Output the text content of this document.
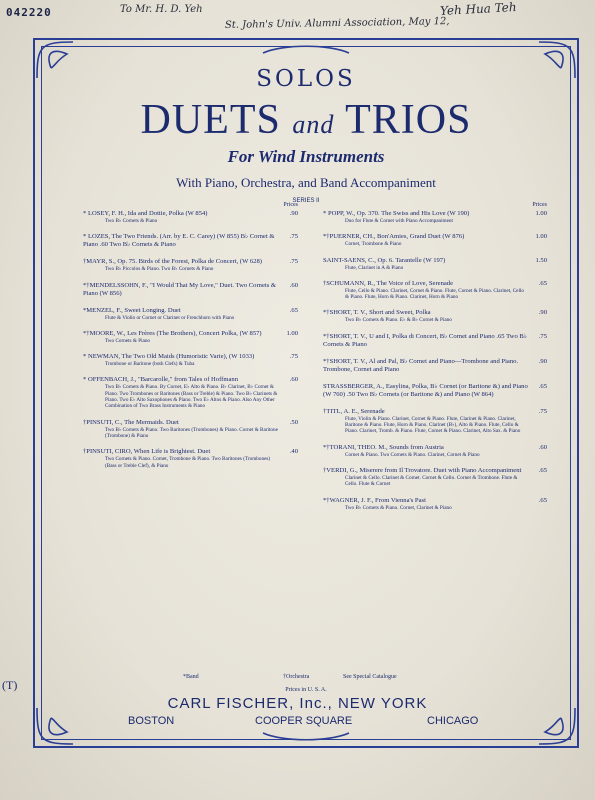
042220	To Mr. H. D. Yeh
St. John's Univ. Alumni Association, May 12,
Yeh Hua Teh
SOLOS
DUETS and TRIOS
For Wind Instruments
With Piano, Orchestra, and Band Accompaniment
SERIES II
Prices
* LOSEY, F. H., Ida and Dottie, Polka (W 854)
Two B♭ Cornets & Piano
.90
* LOZES, The Two Friends. (Arr. by E. C. Carey) (W 855) B♭ Cornet & Piano .60 Two B♭ Cornets & Piano
.75
†MAYR, S., Op. 75. Birds of the Forest, Polka de Concert, (W 628)
Two B♭ Piccolos & Piano. Two B♭ Cornets & Piano
.75
*†MENDELSSOHN, F., "I Would That My Love," Duet. Two Cornets & Piano (W 856)
.60
*MENZEL, F., Sweet Longing. Duet
Flute & Violin or Cornet or Clarinet or Frenchhorn with Piano
.65
*†MOORE, W., Les Frères (The Brothers), Concert Polka, (W 857)
Two Cornets & Piano
1.00
* NEWMAN, The Two Old Maids (Humoristic Varie), (W 1033)
Trombone or Baritone (both Clefs) & Tuba
.75
* OFFENBACH, J., "Barcarolle," from Tales of Hoffmann
Two B♭ Cornets & Piano. By Cornet, E♭ Alto & Piano. B♭ Clarinet, B♭ Cornet & Piano. Two Trombones or Baritones (Bass or Treble) & Piano. Two B♭ Clarinets & Piano. Two E♭ Alto Saxophones & Piano. Two E♭ Altos & Piano. Also Any Other Combination of Two Brass Instruments & Piano
.60
†PINSUTI, C., The Mermaids. Duet
Two B♭ Cornets & Piano. Two Baritones (Trombones) & Piano. Cornet & Baritone (Trombone) & Piano
.50
†PINSUTI, CIRO, When Life is Brightest. Duet
Two Cornets & Piano. Cornet, Trombone & Piano. Two Baritones (Trombones) (Bass or Treble Clef), & Piano
.40
Prices
* POPP, W., Op. 370. The Swiss and His Love (W 190)
Duo for Flute & Cornet with Piano Accompaniment
1.00
*†PUERNER, CH., Bon'Amies, Grand Duet (W 876)
Cornet, Trombone & Piano
1.00
SAINT-SAENS, C., Op. 6. Tarantelle (W 197)
Flute, Clarinet in A & Piano
1.50
†SCHUMANN, R., The Voice of Love, Serenade
Flute, Cello & Piano. Clarinet, Cornet & Piano. Flute, Cornet & Piano. Clarinet, Cello & Piano. Flute, Horn & Piano. Clarinet, Horn & Piano
.65
*†SHORT, T. V., Short and Sweet, Polka
Two B♭ Cornets & Piano. E♭ & B♭ Cornet & Piano
.90
*†SHORT, T. V., U and I, Polka di Concert, B♭ Cornet and Piano .65 Two B♭ Cornets & Piano
.75
*†SHORT, T. V., Al and Pal, B♭ Cornet and Piano—Trombone and Piano. Trombone, Cornet and Piano
.90
STRASSBERGER, A., Easylina, Polka, B♭ Cornet (or Baritone &) and Piano (W 760) .50 Two B♭ Cornets (or Baritone &) and Piano (W 864)
.65
†TITL, A. E., Serenade
Flute, Violin & Piano. Clarinet, Cornet & Piano. Flute, Clarinet & Piano. Clarinet, Baritone & Piano. Flute, Horn & Piano. Clarinet (B♭), Alto & Piano. Flute, Cello & Piano. Clarinet, Tromb. & Piano. Flute, Cornet & Piano. Clarinet, Alto Sax. & Piano
.75
*†TORANI, THEO. M., Sounds from Austria
Cornet & Piano. Two Cornets & Piano. Clarinet, Cornet & Piano
.60
†VERDI, G., Miserere from Il Trovatore. Duet with Piano Accompaniment
Clarinet & Cello. Clarinet & Cornet. Cornet & Cello. Cornet & Trombone. Flute & Cello. Flute & Cornet
.65
*†WAGNER, J. F., From Vienna's Past
Two B♭ Cornets & Piano. Cornet, Clarinet & Piano
.65
*Band	†Orchestra	See Special Catalogue
Prices in U. S. A.
(T)
CARL FISCHER, Inc., NEW YORK
BOSTON	COOPER SQUARE	CHICAGO
